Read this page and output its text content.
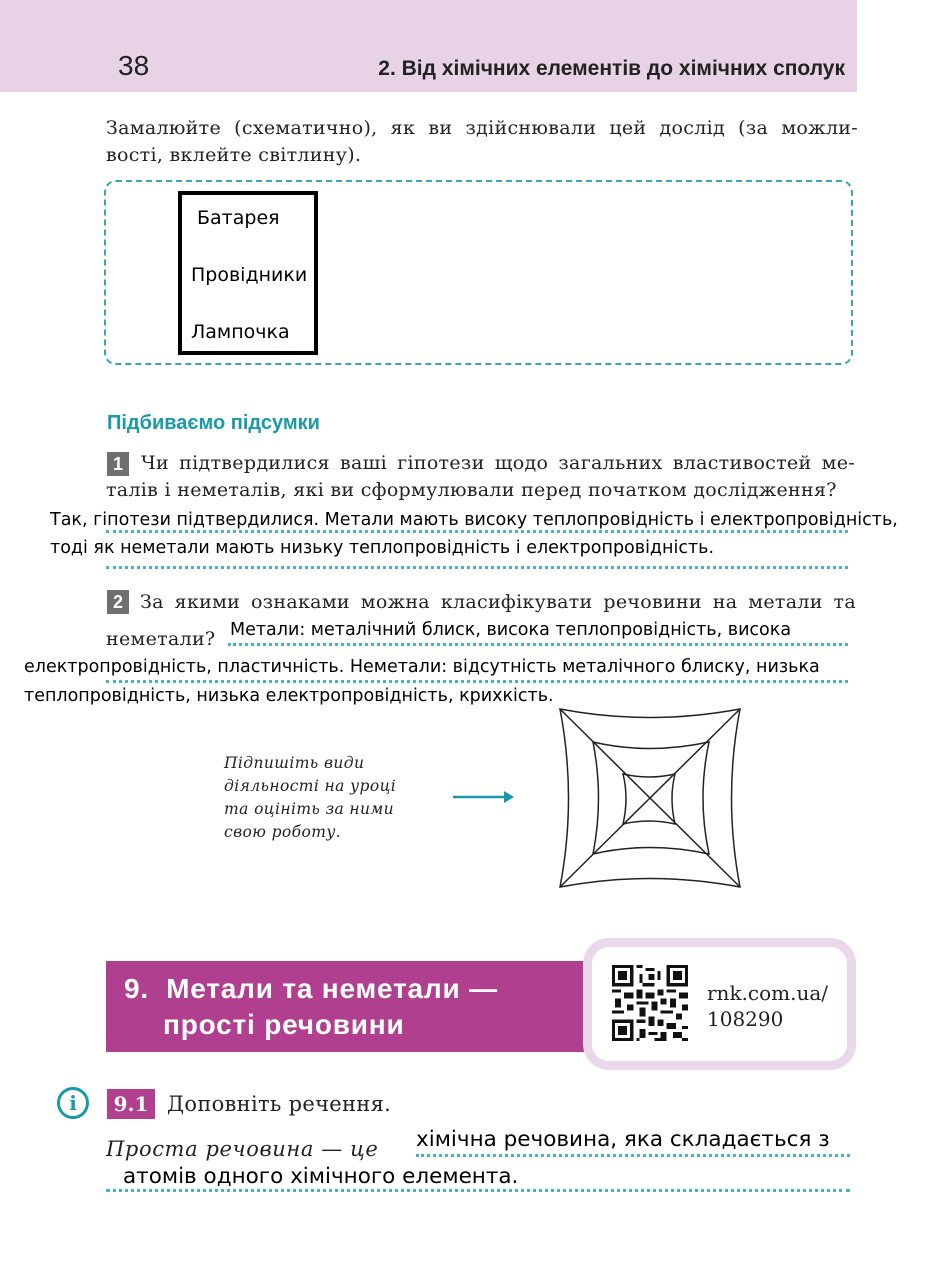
38	2. Від хімічних елементів до хімічних сполук
Замалюйте (схематично), як ви здійснювали цей дослід (за можли-
вості, вклейте світлину).
Батарея
Провідники
Лампочка
Підбиваємо підсумки
1 Чи підтвердилися ваші гіпотези щодо загальних властивостей ме-
талів і неметалів, які ви сформулювали перед початком дослідження?
Так, гіпотези підтвердилися. Метали мають високу теплопровідність і електропровідність,
тоді як неметали мають низьку теплопровідність і електропровідність.
2 За якими ознаками можна класифікувати речовини на метали та
неметали? Метали: металічний блиск, висока теплопровідність, висока
електропровідність, пластичність. Неметали: відсутність металічного блиску, низька
теплопровідність, низька електропровідність, крихкість.
Підпишіть види
діяльності на уроці
та оцініть за ними
свою роботу.
9. Метали та неметали —
прості речовини
rnk.com.ua/
108290
i	9.1 Доповніть речення.
Проста речовина — це хімічна речовина, яка складається з
атомів одного хімічного елемента.
